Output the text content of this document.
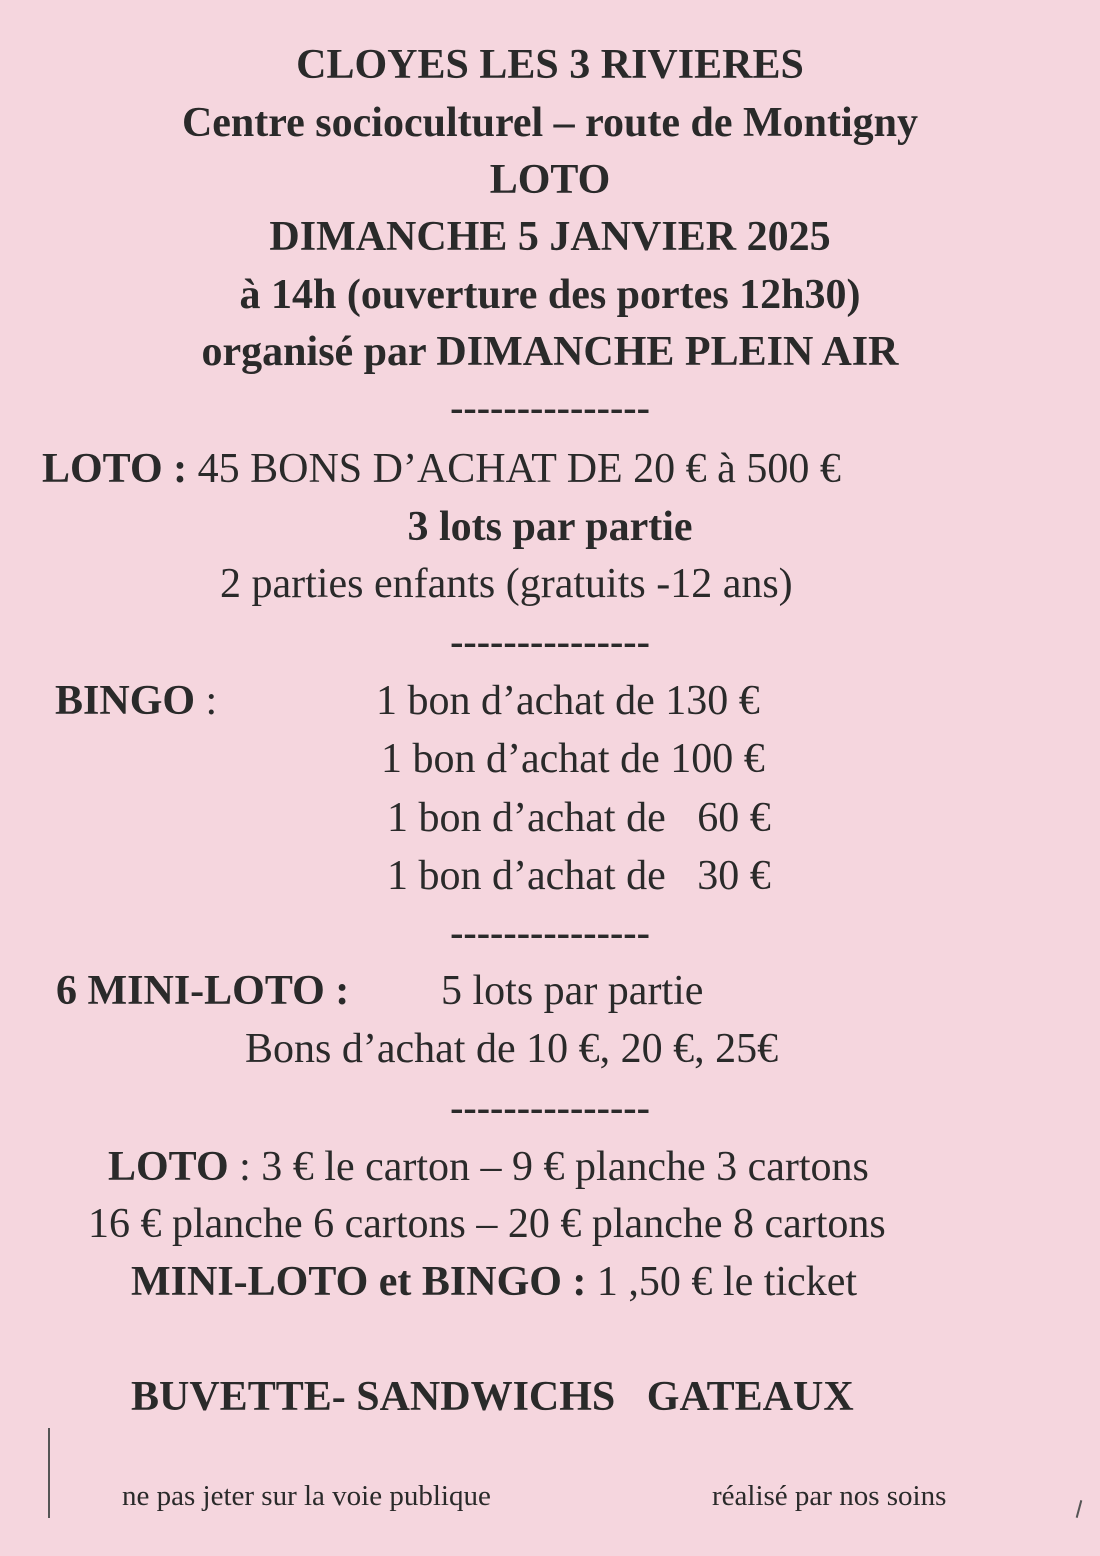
CLOYES LES 3 RIVIERES
Centre socioculturel – route de Montigny
LOTO
DIMANCHE 5 JANVIER 2025
à 14h (ouverture des portes 12h30)
organisé par DIMANCHE PLEIN AIR
---------------
LOTO : 45 BONS D’ACHAT DE 20 € à 500 €
3 lots par partie
2 parties enfants (gratuits -12 ans)
---------------
BINGO :	1 bon d’achat de 130 €
1 bon d’achat de 100 €
1 bon d’achat de   60 €
1 bon d’achat de   30 €
---------------
6 MINI-LOTO : 5 lots par partie
Bons d’achat de 10 €, 20 €, 25€
---------------
LOTO : 3 € le carton – 9 € planche 3 cartons
16 € planche 6 cartons – 20 € planche 8 cartons
MINI-LOTO et BINGO : 1 ,50 € le ticket
BUVETTE- SANDWICHS   GATEAUX
ne pas jeter sur la voie publique	réalisé par nos soins
